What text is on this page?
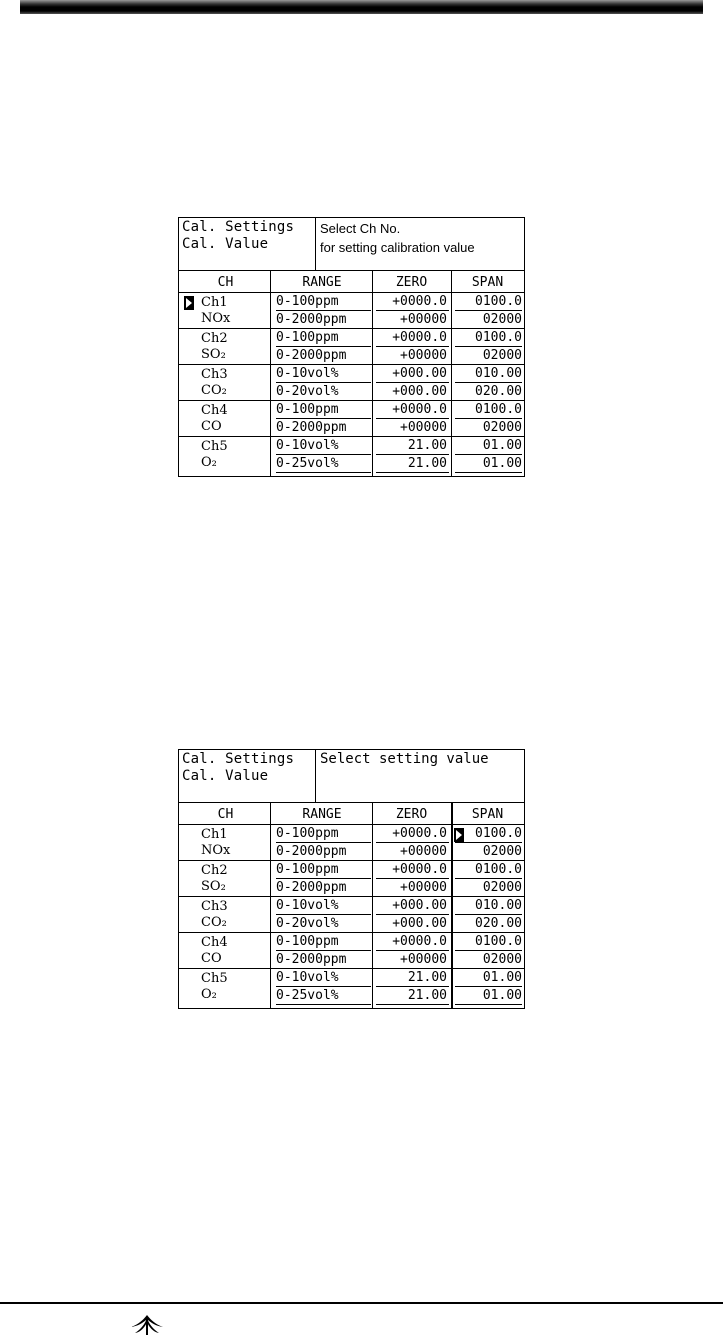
Cal. Settings
Cal. Value
Select Ch No.
for setting calibration value
CH	RANGE	ZERO	SPAN
Ch1
NOx
0-100ppm	+0000.0	0100.0
0-2000ppm	+00000	02000
Ch2
SO₂
0-100ppm	+0000.0	0100.0
0-2000ppm	+00000	02000
Ch3
CO₂
0-10vol%	+000.00	010.00
0-20vol%	+000.00	020.00
Ch4
CO
0-100ppm	+0000.0	0100.0
0-2000ppm	+00000	02000
Ch5
O₂
0-10vol%	21.00	01.00
0-25vol%	21.00	01.00
Cal. Settings
Cal. Value
Select setting value
CH	RANGE	ZERO	SPAN
Ch1
NOx
0-100ppm	+0000.0	0100.0
0-2000ppm	+00000	02000
Ch2
SO₂
0-100ppm	+0000.0	0100.0
0-2000ppm	+00000	02000
Ch3
CO₂
0-10vol%	+000.00	010.00
0-20vol%	+000.00	020.00
Ch4
CO
0-100ppm	+0000.0	0100.0
0-2000ppm	+00000	02000
Ch5
O₂
0-10vol%	21.00	01.00
0-25vol%	21.00	01.00
